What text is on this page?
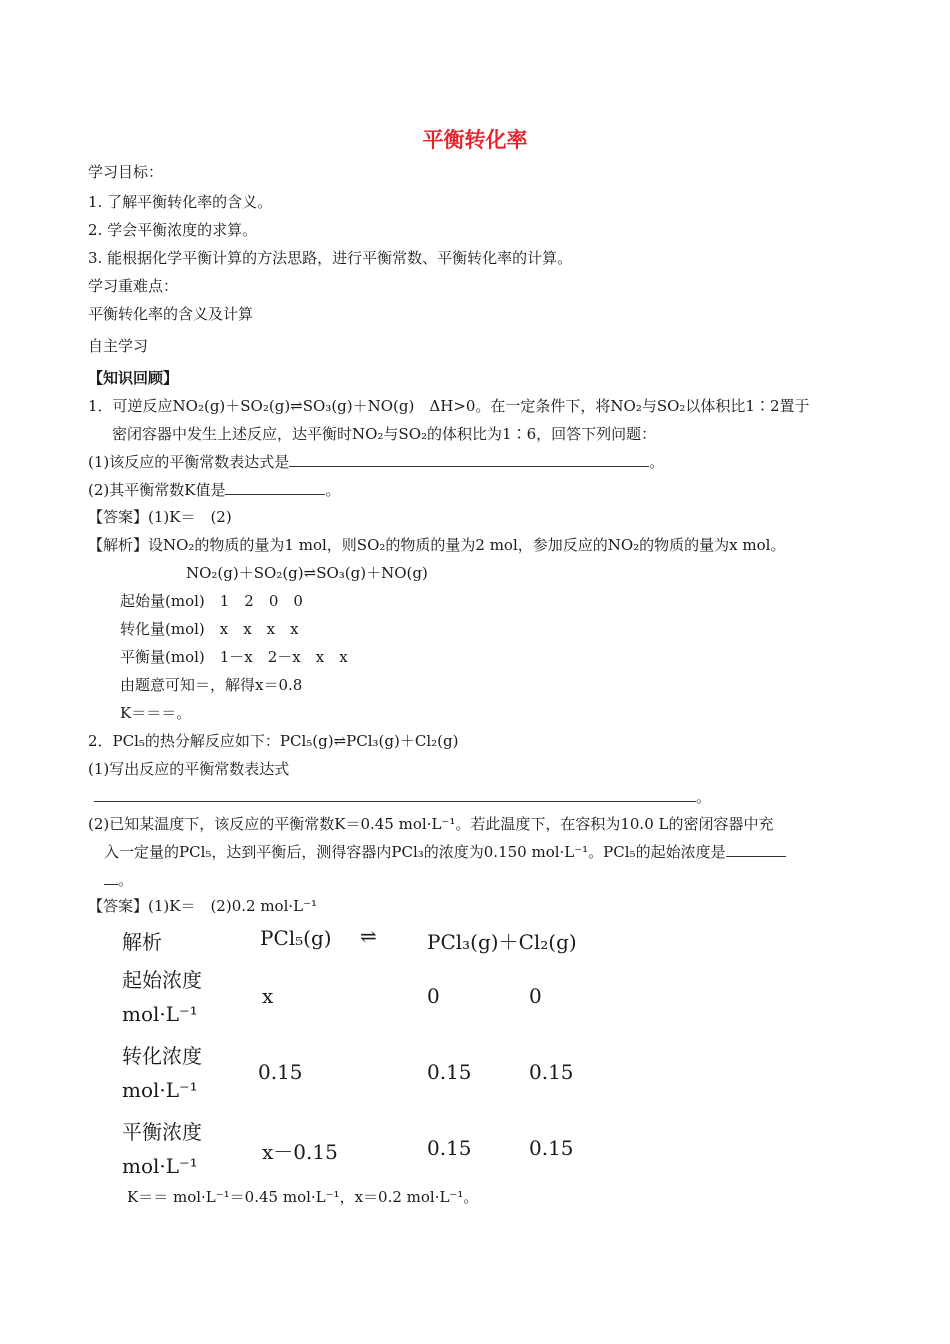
平衡转化率
学习目标：
1. 了解平衡转化率的含义。
2. 学会平衡浓度的求算。
3. 能根据化学平衡计算的方法思路，进行平衡常数、平衡转化率的计算。
学习重难点：
平衡转化率的含义及计算
自主学习
【知识回顾】
1．可逆反应NO₂(g)＋SO₂(g)⇌SO₃(g)＋NO(g)　ΔH>0。在一定条件下，将NO₂与SO₂以体积比1∶2置于
密闭容器中发生上述反应，达平衡时NO₂与SO₂的体积比为1∶6，回答下列问题：
(1)该反应的平衡常数表达式是	。
(2)其平衡常数K值是	。
【答案】(1)K＝　(2)
【解析】设NO₂的物质的量为1 mol，则SO₂的物质的量为2 mol，参加反应的NO₂的物质的量为x mol。
NO₂(g)＋SO₂(g)⇌SO₃(g)＋NO(g)
起始量(mol)　1　2　0　0
转化量(mol)　x　x　x　x
平衡量(mol)　1－x　2－x　x　x
由题意可知＝，解得x＝0.8
K＝＝＝。
2．PCl₅的热分解反应如下：PCl₅(g)⇌PCl₃(g)＋Cl₂(g)
(1)写出反应的平衡常数表达式
。
(2)已知某温度下，该反应的平衡常数K＝0.45 mol·L⁻¹。若此温度下，在容积为10.0 L的密闭容器中充
入一定量的PCl₅，达到平衡后，测得容器内PCl₃的浓度为0.150 mol·L⁻¹。PCl₅的起始浓度是
。
【答案】(1)K＝　(2)0.2 mol·L⁻¹
解析	PCl₅(g) ⇌	PCl₃(g)＋Cl₂(g)
起始浓度
mol·L⁻¹
x	0	0
转化浓度
mol·L⁻¹
0.15	0.15	0.15
平衡浓度
mol·L⁻¹
x－0.15	0.15	0.15
K＝＝ mol·L⁻¹＝0.45 mol·L⁻¹，x＝0.2 mol·L⁻¹。
